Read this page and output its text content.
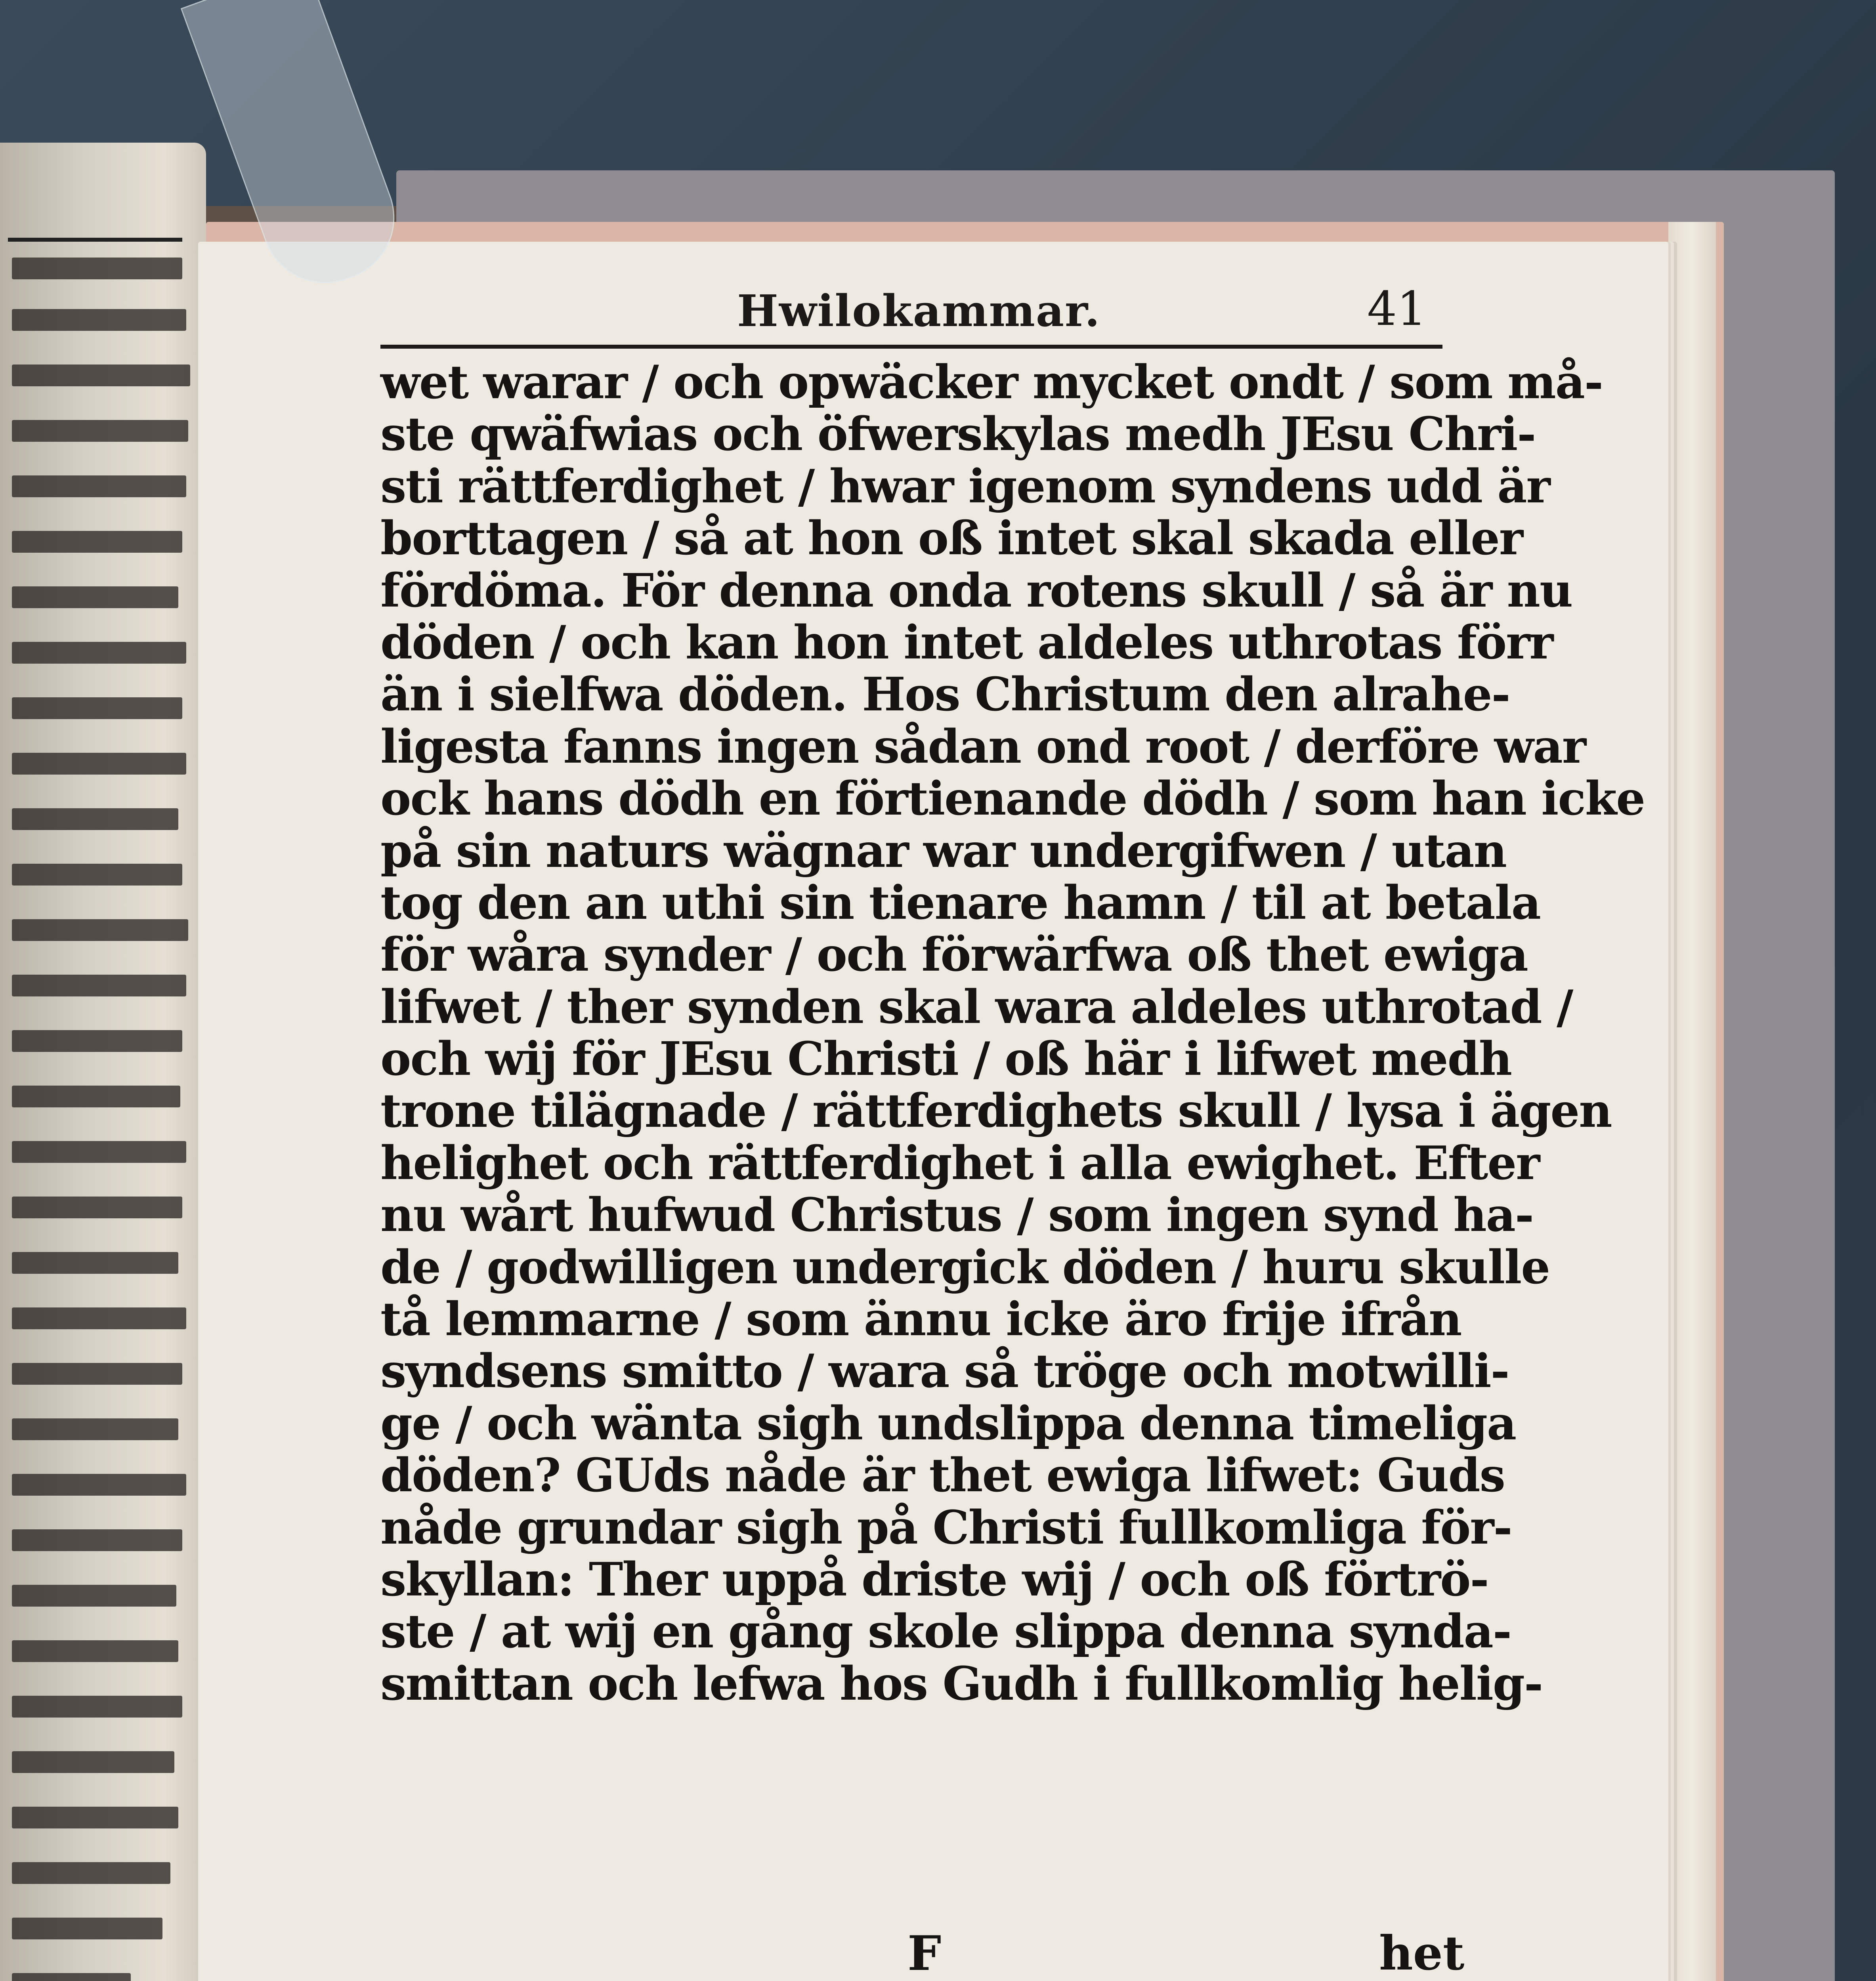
Hwilokammar.	41
wet warar / och opwäcker mycket ondt / som må-
ste qwäfwias och öfwerskylas medh JEsu Chri-
sti rättferdighet / hwar igenom syndens udd är
borttagen / så at hon oß intet skal skada eller
fördöma. För denna onda rotens skull / så är nu
döden / och kan hon intet aldeles uthrotas förr
än i sielfwa döden. Hos Christum den alrahe-
ligesta fanns ingen sådan ond root / derföre war
ock hans dödh en förtienande dödh / som han icke
på sin naturs wägnar war undergifwen / utan
tog den an uthi sin tienare hamn / til at betala
för wåra synder / och förwärfwa oß thet ewiga
lifwet / ther synden skal wara aldeles uthrotad /
och wij för JEsu Christi / oß här i lifwet medh
trone tilägnade / rättferdighets skull / lysa i ägen
helighet och rättferdighet i alla ewighet. Efter
nu wårt hufwud Christus / som ingen synd ha-
de / godwilligen undergick döden / huru skulle
tå lemmarne / som ännu icke äro frije ifrån
syndsens smitto / wara så tröge och motwilli-
ge / och wänta sigh undslippa denna timeliga
döden? GUds nåde är thet ewiga lifwet: Guds
nåde grundar sigh på Christi fullkomliga för-
skyllan: Ther uppå driste wij / och oß förtrö-
ste / at wij en gång skole slippa denna synda-
smittan och lefwa hos Gudh i fullkomlig helig-
F	het
